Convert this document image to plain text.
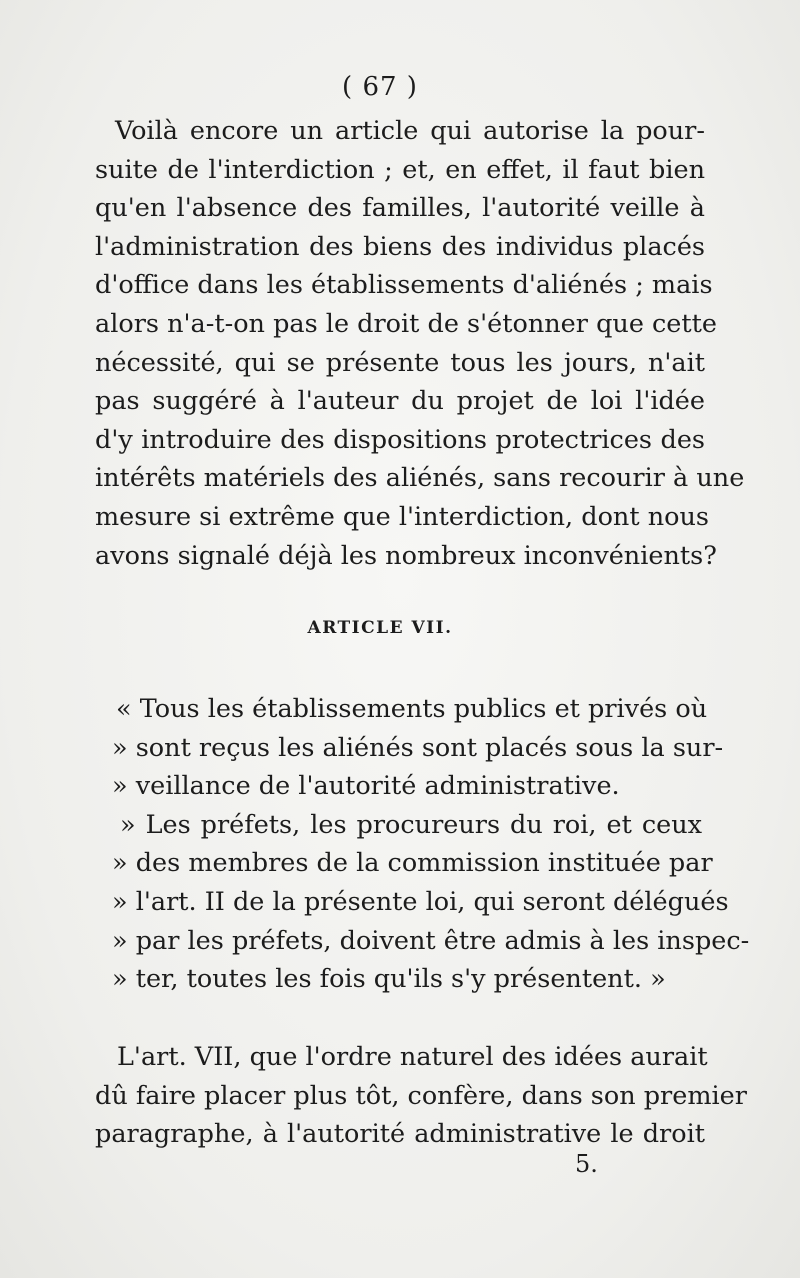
( 67 )
Voilà encore un article qui autorise la pour-
suite de l'interdiction ; et, en effet, il faut bien
qu'en l'absence des familles, l'autorité veille à
l'administration des biens des individus placés
d'office dans les établissements d'aliénés ; mais
alors n'a-t-on pas le droit de s'étonner que cette
nécessité, qui se présente tous les jours, n'ait
pas suggéré à l'auteur du projet de loi l'idée
d'y introduire des dispositions protectrices des
intérêts matériels des aliénés, sans recourir à une
mesure si extrême que l'interdiction, dont nous
avons signalé déjà les nombreux inconvénients?
ARTICLE VII.
« Tous les établissements publics et privés où
» sont reçus les aliénés sont placés sous la sur-
» veillance de l'autorité administrative.
» Les préfets, les procureurs du roi, et ceux
» des membres de la commission instituée par
» l'art. II de la présente loi, qui seront délégués
» par les préfets, doivent être admis à les inspec-
» ter, toutes les fois qu'ils s'y présentent. »
L'art. VII, que l'ordre naturel des idées aurait
dû faire placer plus tôt, confère, dans son premier
paragraphe, à l'autorité administrative le droit
5.
